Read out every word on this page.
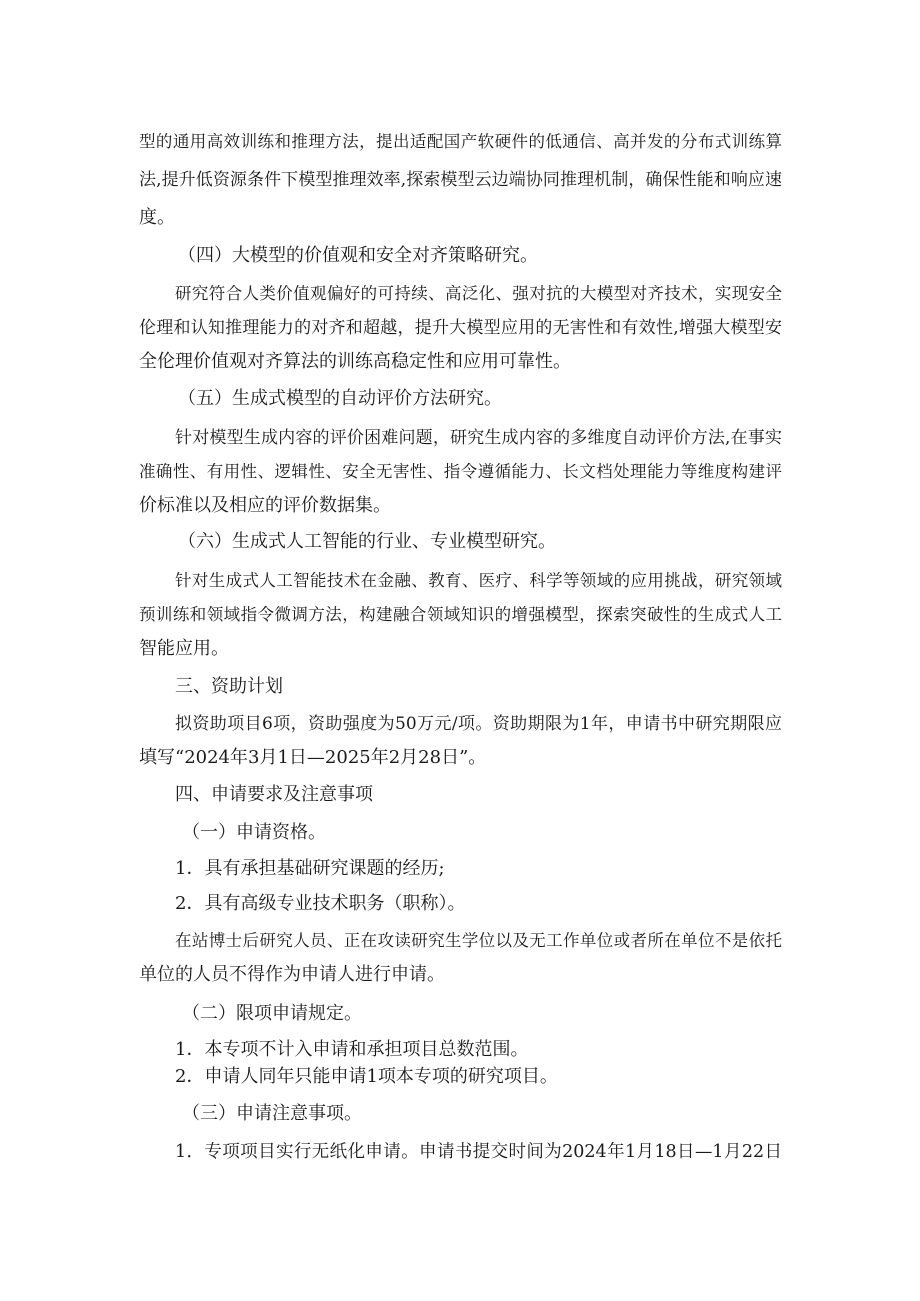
型的通用高效训练和推理方法，提出适配国产软硬件的低通信、高并发的分布式训练算
法,提升低资源条件下模型推理效率,探索模型云边端协同推理机制，确保性能和响应速
度。
（四）大模型的价值观和安全对齐策略研究。
研究符合人类价值观偏好的可持续、高泛化、强对抗的大模型对齐技术，实现安全
伦理和认知推理能力的对齐和超越，提升大模型应用的无害性和有效性,增强大模型安
全伦理价值观对齐算法的训练高稳定性和应用可靠性。
（五）生成式模型的自动评价方法研究。
针对模型生成内容的评价困难问题，研究生成内容的多维度自动评价方法,在事实
准确性、有用性、逻辑性、安全无害性、指令遵循能力、长文档处理能力等维度构建评
价标准以及相应的评价数据集。
（六）生成式人工智能的行业、专业模型研究。
针对生成式人工智能技术在金融、教育、医疗、科学等领域的应用挑战，研究领域
预训练和领域指令微调方法，构建融合领域知识的增强模型，探索突破性的生成式人工
智能应用。
三、资助计划
拟资助项目6项，资助强度为50万元/项。资助期限为1年，申请书中研究期限应
填写“2024年3月1日—2025年2月28日”。
四、申请要求及注意事项
（一）申请资格。
1．具有承担基础研究课题的经历;
2．具有高级专业技术职务（职称）。
在站博士后研究人员、正在攻读研究生学位以及无工作单位或者所在单位不是依托
单位的人员不得作为申请人进行申请。
（二）限项申请规定。
1．本专项不计入申请和承担项目总数范围。
2．申请人同年只能申请1项本专项的研究项目。
（三）申请注意事项。
1．专项项目实行无纸化申请。申请书提交时间为2024年1月18日—1月22日
